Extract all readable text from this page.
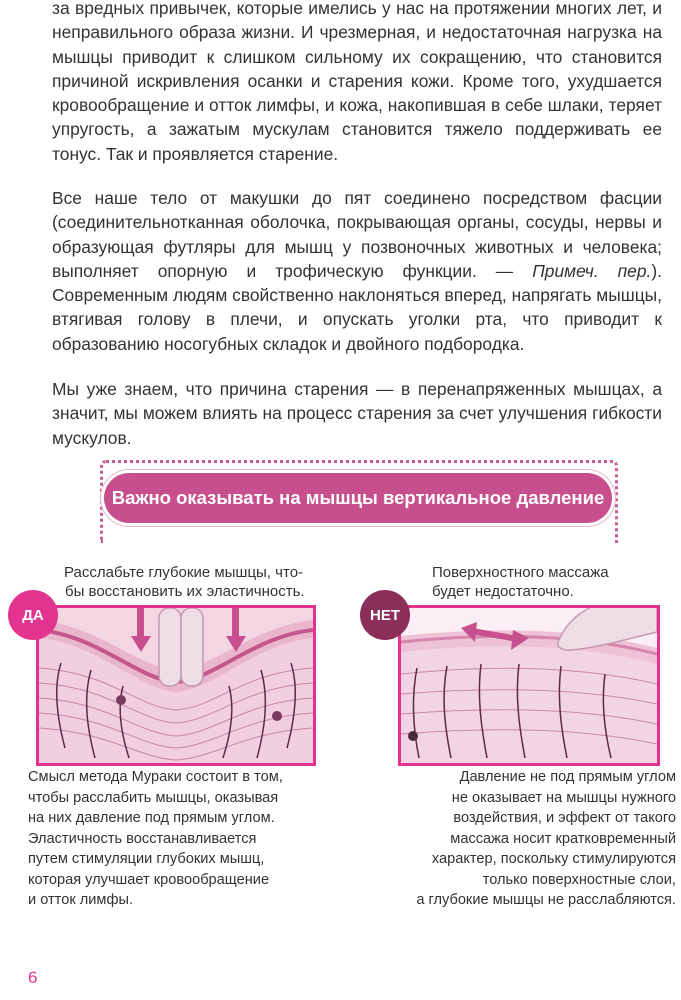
за вредных привычек, которые имелись у нас на протяжении многих лет, и неправильного образа жизни. И чрезмерная, и недостаточная нагрузка на мышцы приводит к слишком сильному их сокращению, что становится причиной искривления осанки и старения кожи. Кроме того, ухудшается кровообращение и отток лимфы, и кожа, накопившая в себе шлаки, теряет упругость, а зажатым мускулам становится тяжело поддерживать ее тонус. Так и проявляется старение.

Все наше тело от макушки до пят соединено посредством фасции (соединительнотканная оболочка, покрывающая органы, сосуды, нервы и образующая футляры для мышц у позвоночных животных и человека; выполняет опорную и трофическую функции. — Примеч. пер.). Современным людям свойственно наклоняться вперед, напрягать мышцы, втягивая голову в плечи, и опускать уголки рта, что приводит к образованию носогубных складок и двойного подбородка.

Мы уже знаем, что причина старения — в перенапряженных мышцах, а значит, мы можем влиять на процесс старения за счет улучшения гибкости мускулов.

Важно оказывать на мышцы вертикальное давление
Расслабьте глубокие мышцы, что-
бы восстановить их эластичность.
ДА
Смысл метода Мураки состоит в том,
чтобы расслабить мышцы, оказывая
на них давление под прямым углом.
Эластичность восстанавливается
путем стимуляции глубоких мышц,
которая улучшает кровообращение
и отток лимфы.
Поверхностного массажа
будет недостаточно.
НЕТ
Давление не под прямым углом
не оказывает на мышцы нужного
воздействия, и эффект от такого
массажа носит кратковременный
характер, поскольку стимулируются
только поверхностные слои,
а глубокие мышцы не расслабляются.
6
